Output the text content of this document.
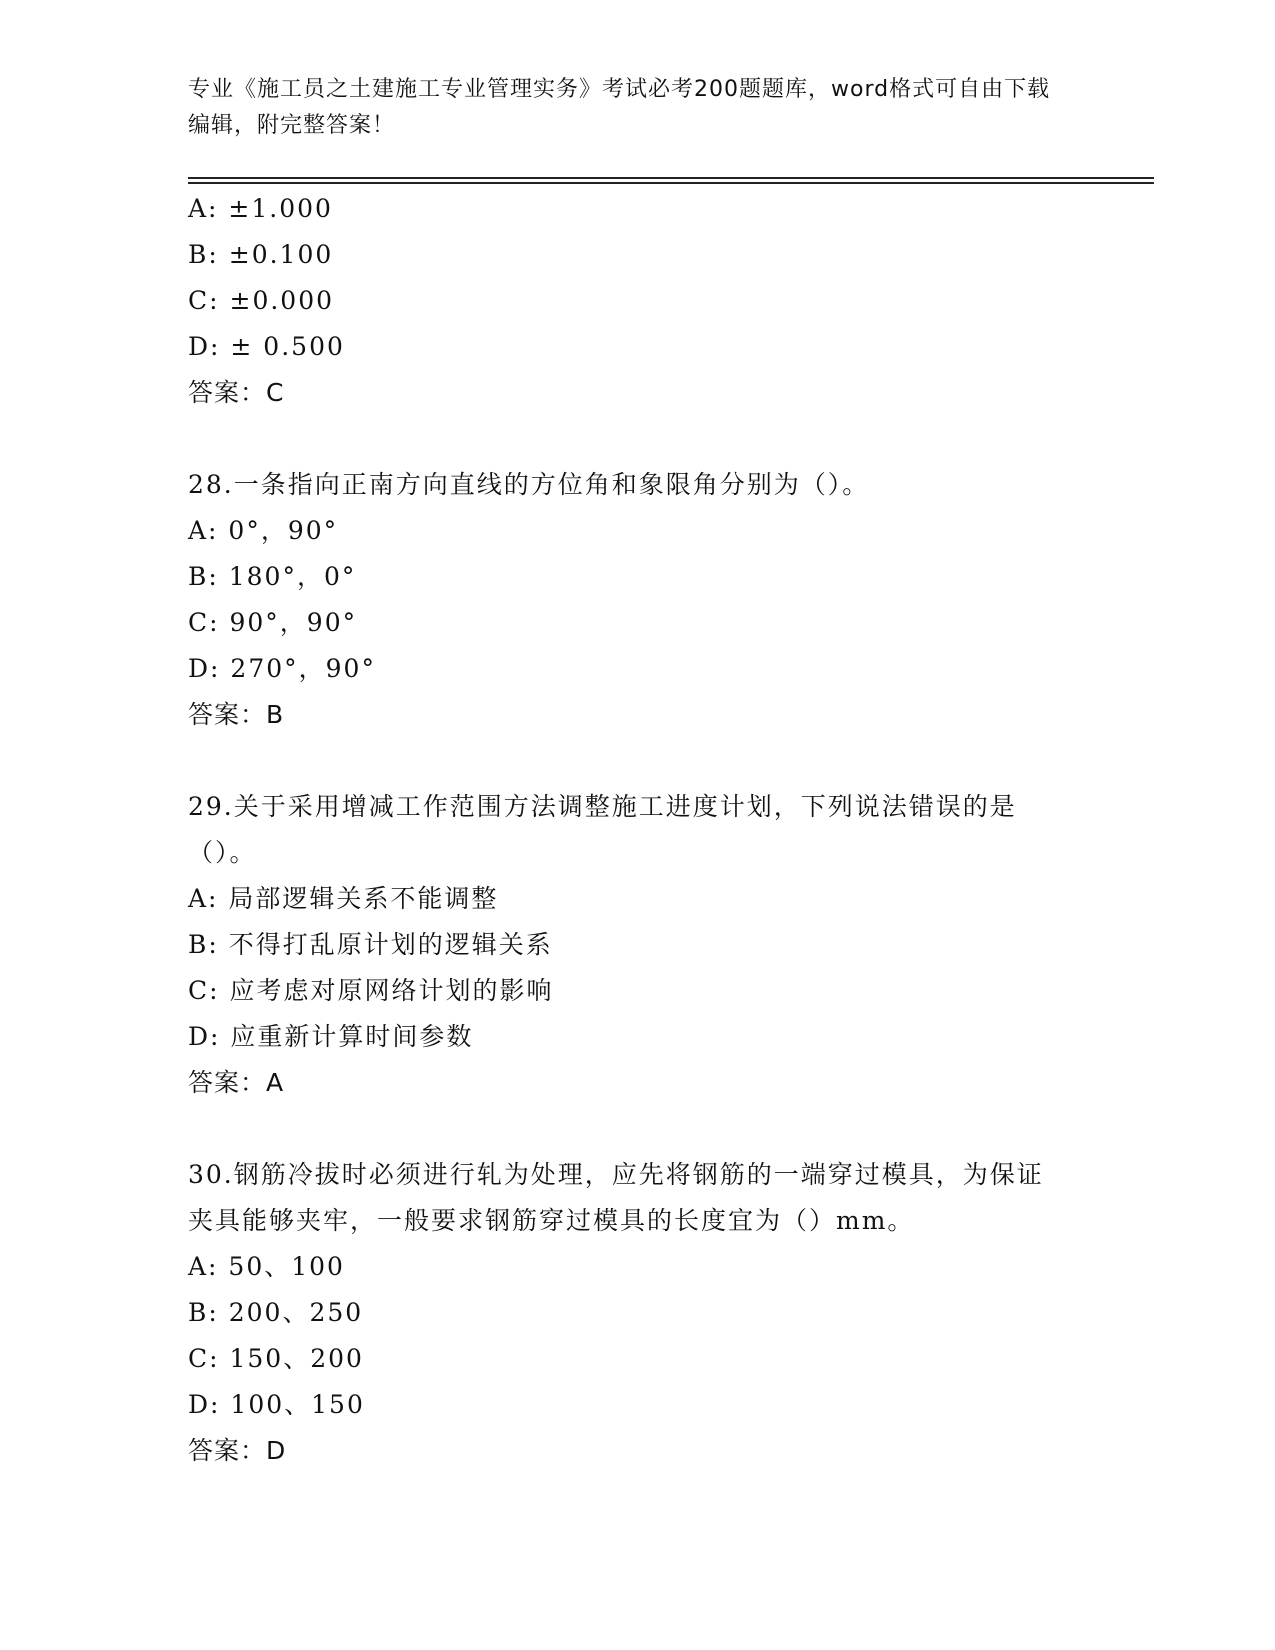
专业《施工员之土建施工专业管理实务》考试必考200题题库，word格式可自由下载编辑，附完整答案！
A: ±1.000
B: ±0.100
C: ±0.000
D: ± 0.500
答案：C
28.一条指向正南方向直线的方位角和象限角分别为（）。
A: 0°，90°
B: 180°，0°
C: 90°，90°
D: 270°，90°
答案：B
29.关于采用增减工作范围方法调整施工进度计划，下列说法错误的是（）。
A: 局部逻辑关系不能调整
B: 不得打乱原计划的逻辑关系
C: 应考虑对原网络计划的影响
D: 应重新计算时间参数
答案：A
30.钢筋冷拔时必须进行轧为处理，应先将钢筋的一端穿过模具，为保证夹具能够夹牢，一般要求钢筋穿过模具的长度宜为（）mm。
A: 50、100
B: 200、250
C: 150、200
D: 100、150
答案：D
